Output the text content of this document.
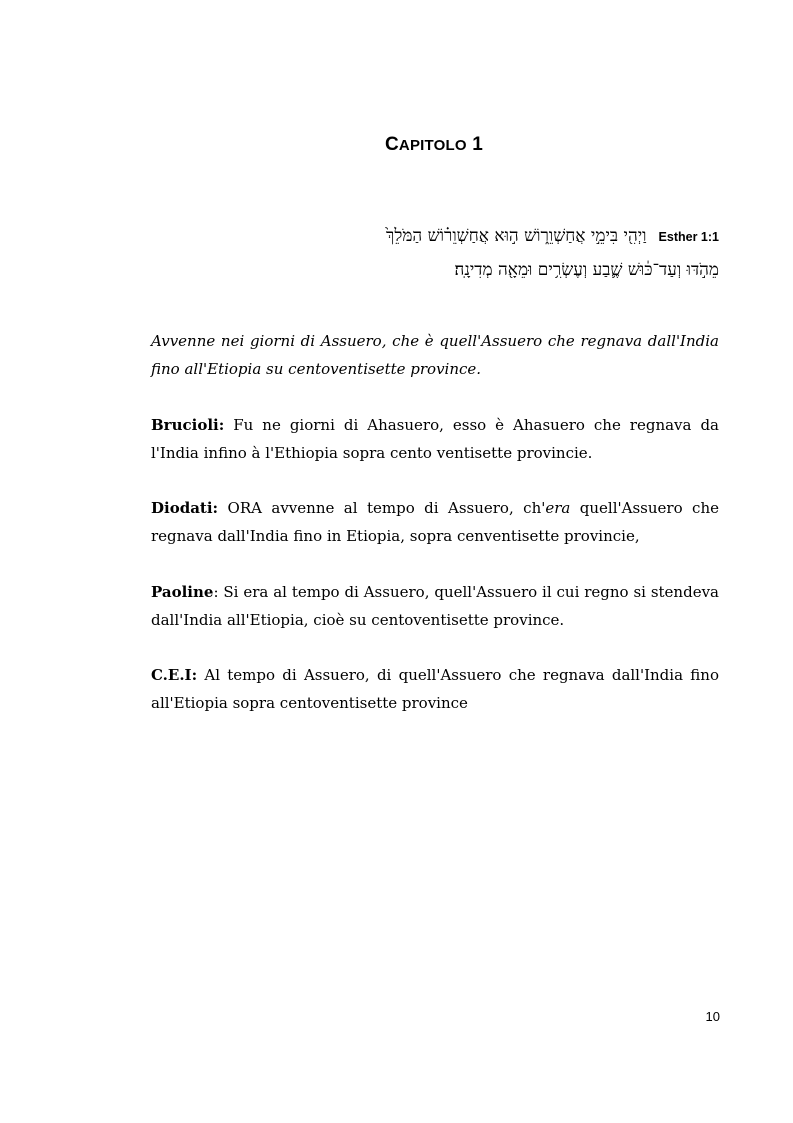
CAPITOLO 1
וַיְהִ֖י בִּימֵ֣י אֲחַשְׁוֵר֑וֹשׁ ה֣וּא אֲחַשְׁוֵר֗וֹשׁ הַמֹּלֵךְ֙ Esther 1:1
מֵהֹ֣דּוּ וְעַד־כּ֔וּשׁ שֶׁ֛בַע וְעֶשְׂרִ֥ים וּמֵאָ֖ה מְדִינָֽה׃

Avvenne nei giorni di Assuero, che è quell'Assuero che regnava dall'India fino all'Etiopia su centoventisette province.

Brucioli: Fu ne giorni di Ahasuero, esso è Ahasuero che regnava da l'India infino à l'Ethiopia sopra cento ventisette provincie.

Diodati: ORA avvenne al tempo di Assuero, ch'era quell'Assuero che regnava dall'India fino in Etiopia, sopra cenventisette provincie,

Paoline: Si era al tempo di Assuero, quell'Assuero il cui regno si stendeva dall'India all'Etiopia, cioè su centoventisette province.

C.E.I: Al tempo di Assuero, di quell'Assuero che regnava dall'India fino all'Etiopia sopra centoventisette province

10
